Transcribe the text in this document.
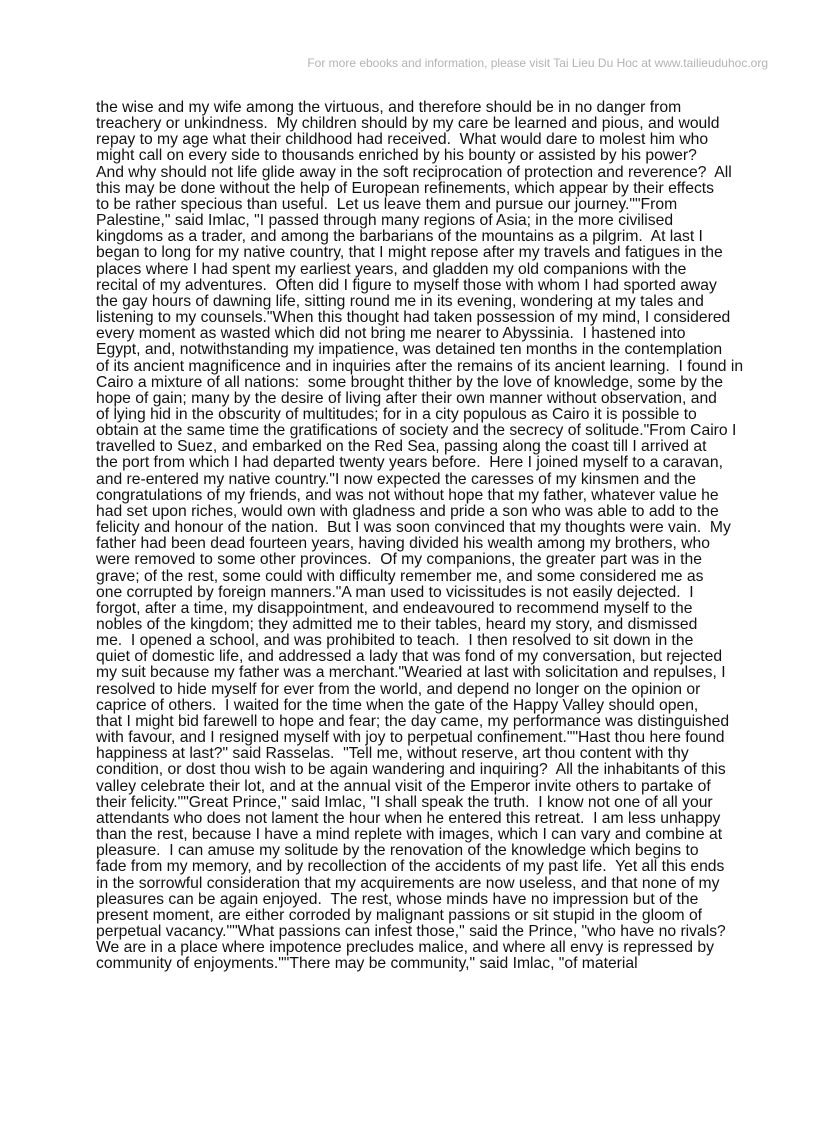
For more ebooks and information, please visit Tai Lieu Du Hoc at www.tailieuduhoc.org
the wise and my wife among the virtuous, and therefore should be in no danger from
treachery or unkindness.  My children should by my care be learned and pious, and would
repay to my age what their childhood had received.  What would dare to molest him who
might call on every side to thousands enriched by his bounty or assisted by his power?
And why should not life glide away in the soft reciprocation of protection and reverence?  All
this may be done without the help of European refinements, which appear by their effects
to be rather specious than useful.  Let us leave them and pursue our journey.""From
Palestine," said Imlac, "I passed through many regions of Asia; in the more civilised
kingdoms as a trader, and among the barbarians of the mountains as a pilgrim.  At last I
began to long for my native country, that I might repose after my travels and fatigues in the
places where I had spent my earliest years, and gladden my old companions with the
recital of my adventures.  Often did I figure to myself those with whom I had sported away
the gay hours of dawning life, sitting round me in its evening, wondering at my tales and
listening to my counsels."When this thought had taken possession of my mind, I considered
every moment as wasted which did not bring me nearer to Abyssinia.  I hastened into
Egypt, and, notwithstanding my impatience, was detained ten months in the contemplation
of its ancient magnificence and in inquiries after the remains of its ancient learning.  I found in
Cairo a mixture of all nations:  some brought thither by the love of knowledge, some by the
hope of gain; many by the desire of living after their own manner without observation, and
of lying hid in the obscurity of multitudes; for in a city populous as Cairo it is possible to
obtain at the same time the gratifications of society and the secrecy of solitude."From Cairo I
travelled to Suez, and embarked on the Red Sea, passing along the coast till I arrived at
the port from which I had departed twenty years before.  Here I joined myself to a caravan,
and re-entered my native country."I now expected the caresses of my kinsmen and the
congratulations of my friends, and was not without hope that my father, whatever value he
had set upon riches, would own with gladness and pride a son who was able to add to the
felicity and honour of the nation.  But I was soon convinced that my thoughts were vain.  My
father had been dead fourteen years, having divided his wealth among my brothers, who
were removed to some other provinces.  Of my companions, the greater part was in the
grave; of the rest, some could with difficulty remember me, and some considered me as
one corrupted by foreign manners."A man used to vicissitudes is not easily dejected.  I
forgot, after a time, my disappointment, and endeavoured to recommend myself to the
nobles of the kingdom; they admitted me to their tables, heard my story, and dismissed
me.  I opened a school, and was prohibited to teach.  I then resolved to sit down in the
quiet of domestic life, and addressed a lady that was fond of my conversation, but rejected
my suit because my father was a merchant."Wearied at last with solicitation and repulses, I
resolved to hide myself for ever from the world, and depend no longer on the opinion or
caprice of others.  I waited for the time when the gate of the Happy Valley should open,
that I might bid farewell to hope and fear; the day came, my performance was distinguished
with favour, and I resigned myself with joy to perpetual confinement.""Hast thou here found
happiness at last?" said Rasselas.  "Tell me, without reserve, art thou content with thy
condition, or dost thou wish to be again wandering and inquiring?  All the inhabitants of this
valley celebrate their lot, and at the annual visit of the Emperor invite others to partake of
their felicity.""Great Prince," said Imlac, "I shall speak the truth.  I know not one of all your
attendants who does not lament the hour when he entered this retreat.  I am less unhappy
than the rest, because I have a mind replete with images, which I can vary and combine at
pleasure.  I can amuse my solitude by the renovation of the knowledge which begins to
fade from my memory, and by recollection of the accidents of my past life.  Yet all this ends
in the sorrowful consideration that my acquirements are now useless, and that none of my
pleasures can be again enjoyed.  The rest, whose minds have no impression but of the
present moment, are either corroded by malignant passions or sit stupid in the gloom of
perpetual vacancy.""What passions can infest those," said the Prince, "who have no rivals?
We are in a place where impotence precludes malice, and where all envy is repressed by
community of enjoyments.""There may be community," said Imlac, "of material
